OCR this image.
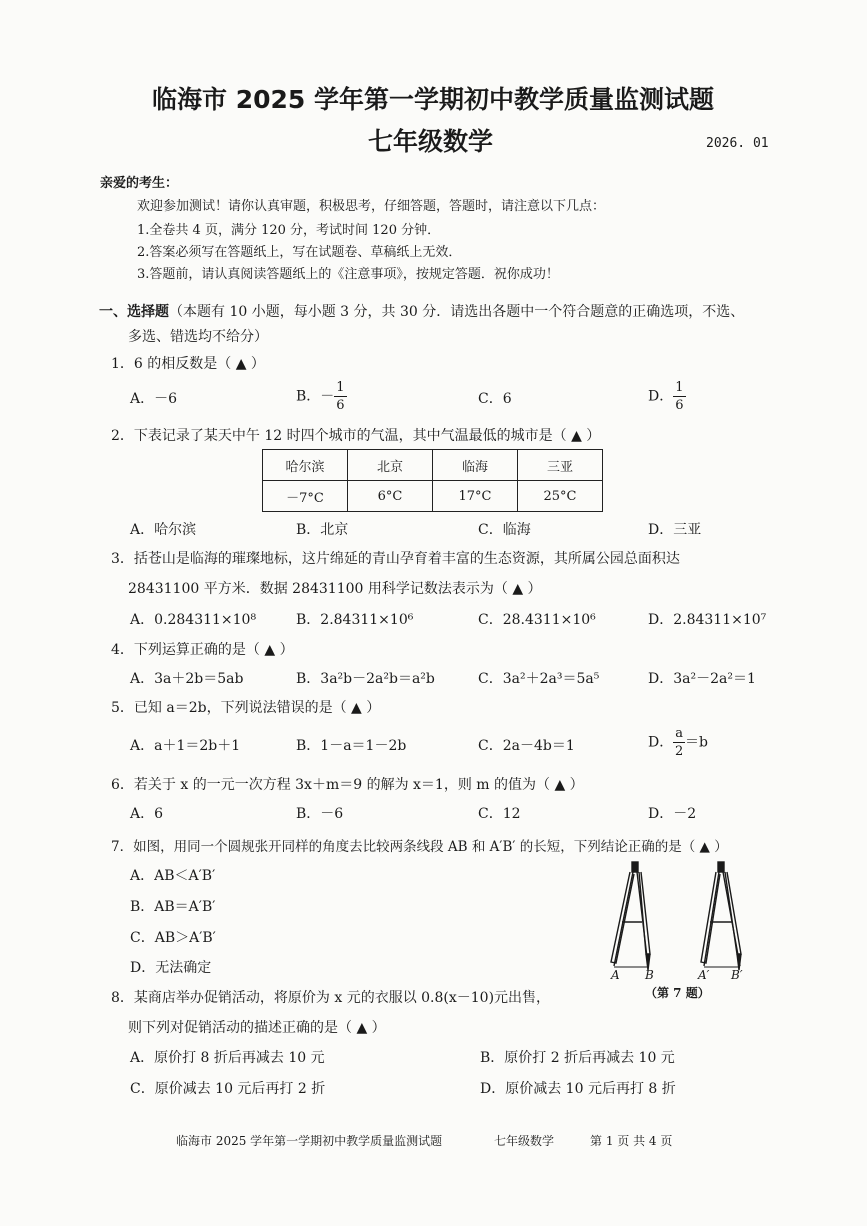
临海市 2025 学年第一学期初中教学质量监测试题
七年级数学	2026. 01
亲爱的考生：
欢迎参加测试！请你认真审题，积极思考，仔细答题，答题时，请注意以下几点：
1.全卷共 4 页，满分 120 分，考试时间 120 分钟．
2.答案必须写在答题纸上，写在试题卷、草稿纸上无效．
3.答题前，请认真阅读答题纸上的《注意事项》，按规定答题．祝你成功！
一、选择题（本题有 10 小题，每小题 3 分，共 30 分．请选出各题中一个符合题意的正确选项，不选、
多选、错选均不给分）
1．6 的相反数是（ ▲ ）
A．－6	B．－ $\frac{1}{6}$	C．6	D． $\frac{1}{6}$
2．下表记录了某天中午 12 时四个城市的气温，其中气温最低的城市是（ ▲ ）
哈尔滨	北京	临海	三亚
－7°C	6°C	17°C	25°C
A．哈尔滨	B．北京	C．临海	D．三亚
3．括苍山是临海的璀璨地标，这片绵延的青山孕育着丰富的生态资源，其所属公园总面积达
28431100 平方米．数据 28431100 用科学记数法表示为（ ▲ ）
A．0.284311×10⁸	B．2.84311×10⁶	C．28.4311×10⁶	D．2.84311×10⁷
4．下列运算正确的是（ ▲ ）
A．3a＋2b＝5ab	B．3a²b－2a²b＝a²b	C．3a²＋2a³＝5a⁵	D．3a²－2a²＝1
5．已知 a＝2b，下列说法错误的是（ ▲ ）
A．a＋1＝2b＋1	B．1－a＝1－2b	C．2a－4b＝1	D． $\frac{a}{2} =b$
6．若关于 x 的一元一次方程 3x＋m＝9 的解为 x＝1，则 m 的值为（ ▲ ）
A．6	B．－6	C．12	D．－2
7．如图，用同一个圆规张开同样的角度去比较两条线段 AB 和 A′B′ 的长短，下列结论正确的是（ ▲ ）
A．AB＜A′B′
B．AB＝A′B′
C．AB＞A′B′
D．无法确定	A B	A′ B′
（第 7 题）
8．某商店举办促销活动，将原价为 x 元的衣服以 0.8(x－10)元出售，
则下列对促销活动的描述正确的是（ ▲ ）
A．原价打 8 折后再减去 10 元	B．原价打 2 折后再减去 10 元
C．原价减去 10 元后再打 2 折	D．原价减去 10 元后再打 8 折
临海市 2025 学年第一学期初中教学质量监测试题	七年级数学	第 1 页 共 4 页
